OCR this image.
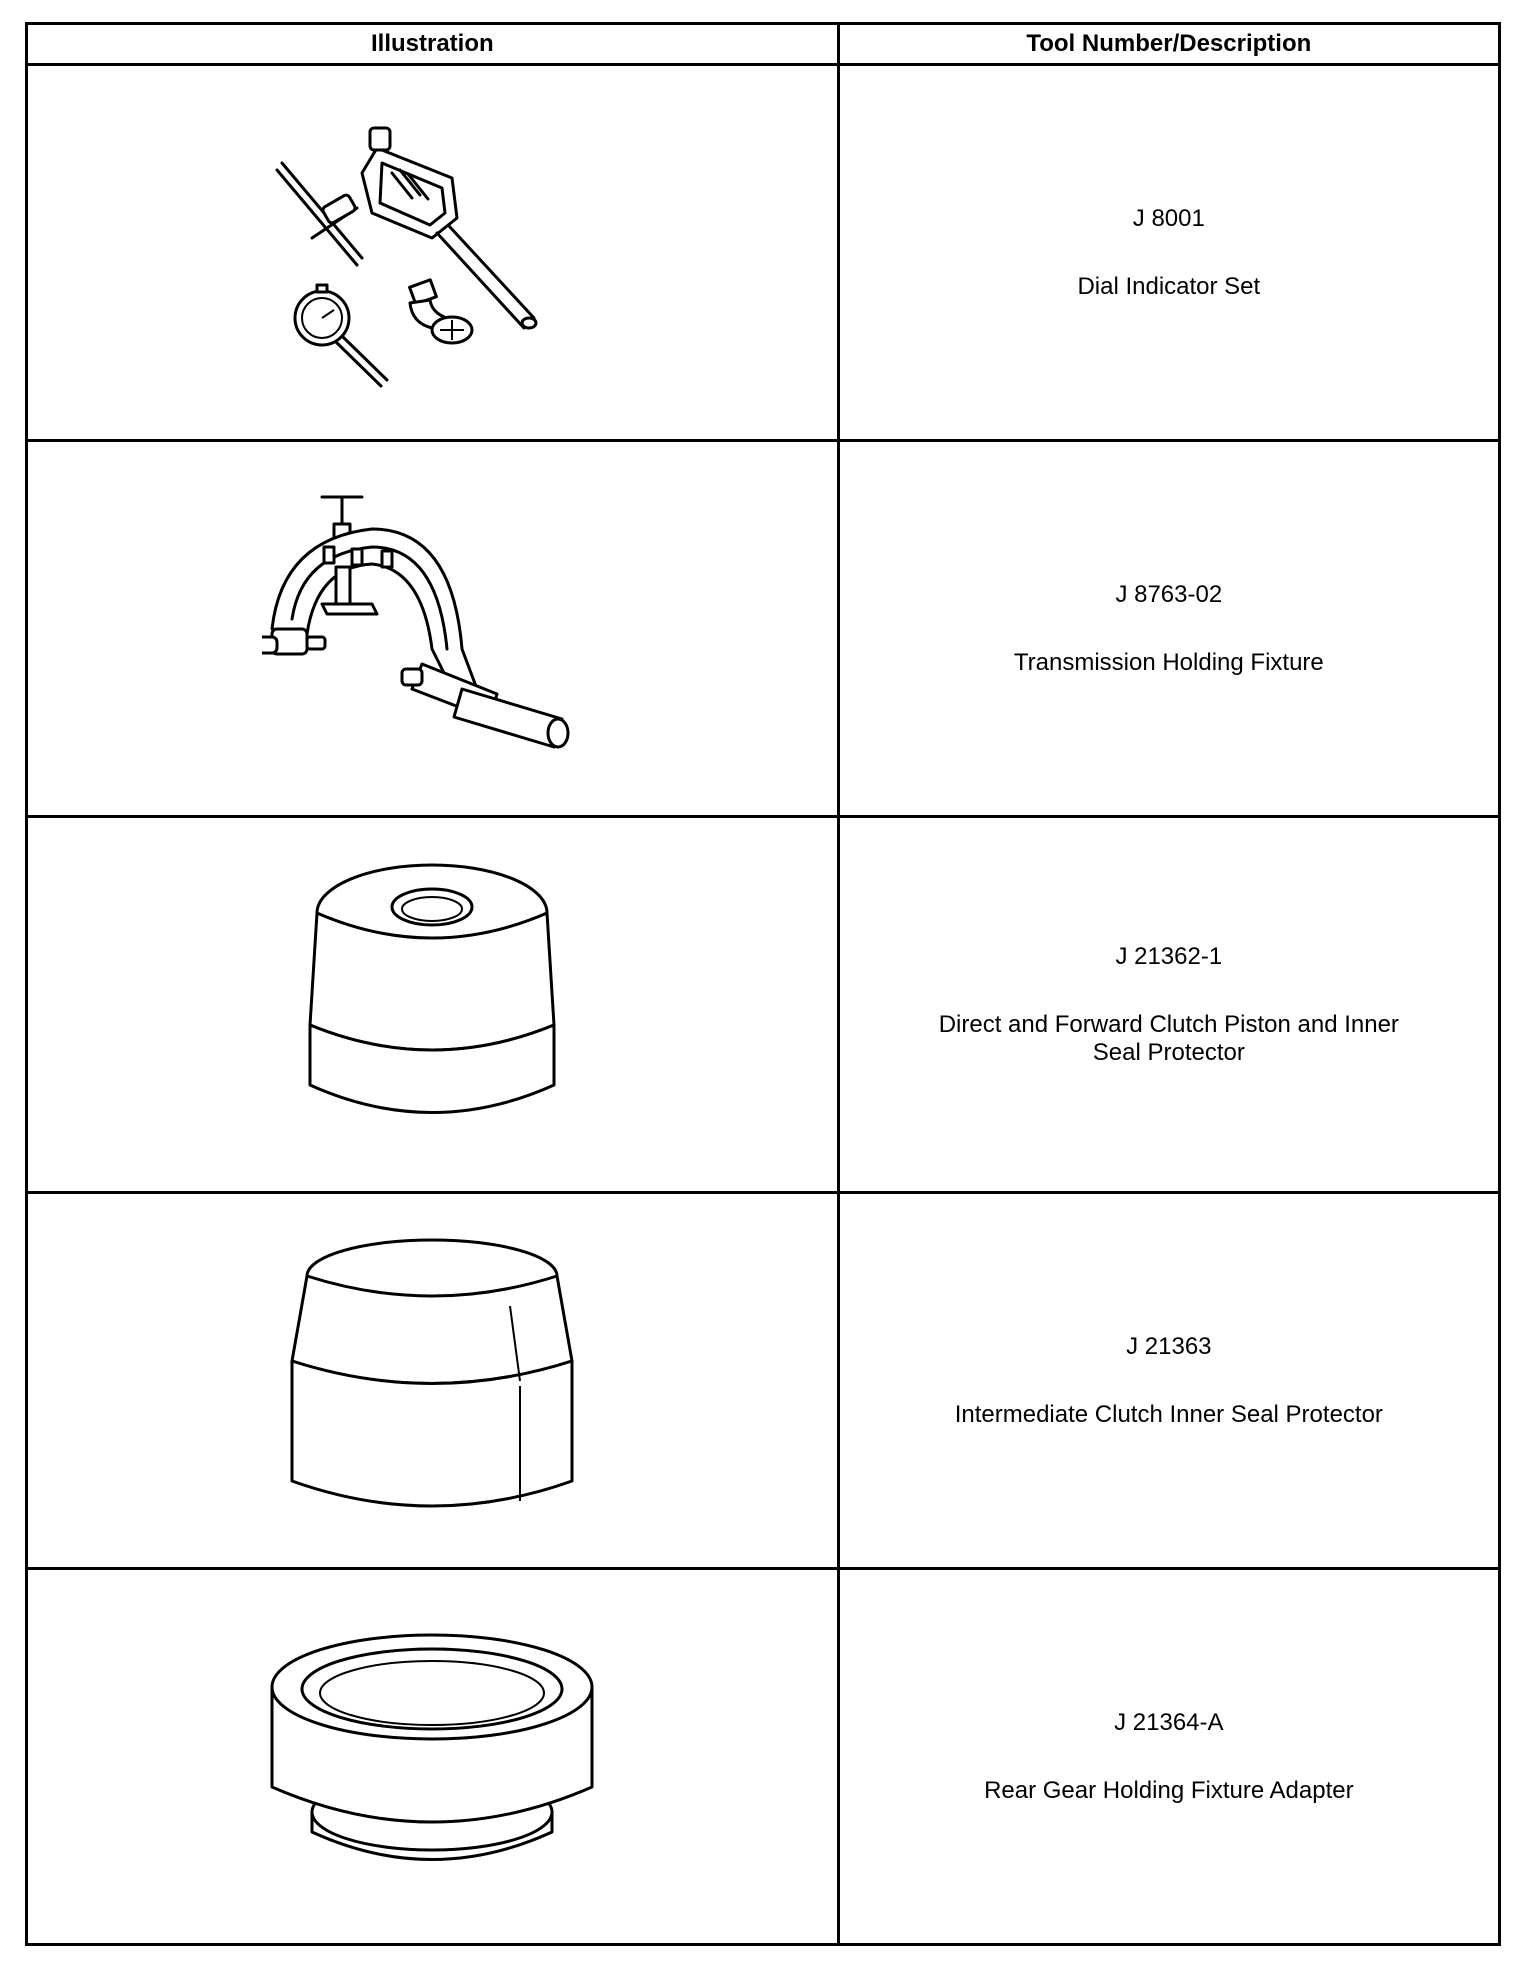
Illustration	Tool Number/Description

J 8001
Dial Indicator Set

J 8763-02
Transmission Holding Fixture

J 21362-1
Direct and Forward Clutch Piston and Inner Seal Protector

J 21363
Intermediate Clutch Inner Seal Protector

J 21364-A
Rear Gear Holding Fixture Adapter
